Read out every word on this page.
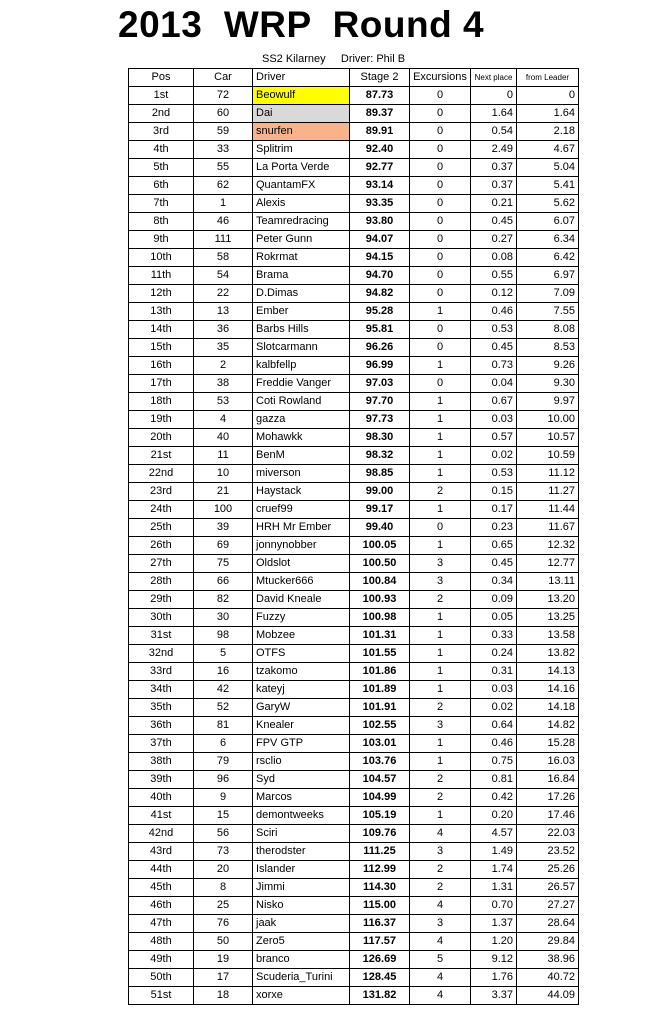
2013  WRP  Round 4
SS2 Kilarney     Driver: Phil B
Pos	Car	Driver	Stage 2	Excursions	Next place	from Leader
1st	72	Beowulf	87.73	0	0	0
2nd	60	Dai	89.37	0	1.64	1.64
3rd	59	snurfen	89.91	0	0.54	2.18
4th	33	Splitrim	92.40	0	2.49	4.67
5th	55	La Porta Verde	92.77	0	0.37	5.04
6th	62	QuantamFX	93.14	0	0.37	5.41
7th	1	Alexis	93.35	0	0.21	5.62
8th	46	Teamredracing	93.80	0	0.45	6.07
9th	111	Peter Gunn	94.07	0	0.27	6.34
10th	58	Rokrmat	94.15	0	0.08	6.42
11th	54	Brama	94.70	0	0.55	6.97
12th	22	D.Dimas	94.82	0	0.12	7.09
13th	13	Ember	95.28	1	0.46	7.55
14th	36	Barbs Hills	95.81	0	0.53	8.08
15th	35	Slotcarmann	96.26	0	0.45	8.53
16th	2	kalbfellp	96.99	1	0.73	9.26
17th	38	Freddie Vanger	97.03	0	0.04	9.30
18th	53	Coti Rowland	97.70	1	0.67	9.97
19th	4	gazza	97.73	1	0.03	10.00
20th	40	Mohawkk	98.30	1	0.57	10.57
21st	11	BenM	98.32	1	0.02	10.59
22nd	10	miverson	98.85	1	0.53	11.12
23rd	21	Haystack	99.00	2	0.15	11.27
24th	100	cruef99	99.17	1	0.17	11.44
25th	39	HRH Mr Ember	99.40	0	0.23	11.67
26th	69	jonnynobber	100.05	1	0.65	12.32
27th	75	Oldslot	100.50	3	0.45	12.77
28th	66	Mtucker666	100.84	3	0.34	13.11
29th	82	David Kneale	100.93	2	0.09	13.20
30th	30	Fuzzy	100.98	1	0.05	13.25
31st	98	Mobzee	101.31	1	0.33	13.58
32nd	5	OTFS	101.55	1	0.24	13.82
33rd	16	tzakomo	101.86	1	0.31	14.13
34th	42	kateyj	101.89	1	0.03	14.16
35th	52	GaryW	101.91	2	0.02	14.18
36th	81	Knealer	102.55	3	0.64	14.82
37th	6	FPV GTP	103.01	1	0.46	15.28
38th	79	rsclio	103.76	1	0.75	16.03
39th	96	Syd	104.57	2	0.81	16.84
40th	9	Marcos	104.99	2	0.42	17.26
41st	15	demontweeks	105.19	1	0.20	17.46
42nd	56	Sciri	109.76	4	4.57	22.03
43rd	73	therodster	111.25	3	1.49	23.52
44th	20	Islander	112.99	2	1.74	25.26
45th	8	Jimmi	114.30	2	1.31	26.57
46th	25	Nisko	115.00	4	0.70	27.27
47th	76	jaak	116.37	3	1.37	28.64
48th	50	Zero5	117.57	4	1.20	29.84
49th	19	branco	126.69	5	9.12	38.96
50th	17	Scuderia_Turini	128.45	4	1.76	40.72
51st	18	xorxe	131.82	4	3.37	44.09
